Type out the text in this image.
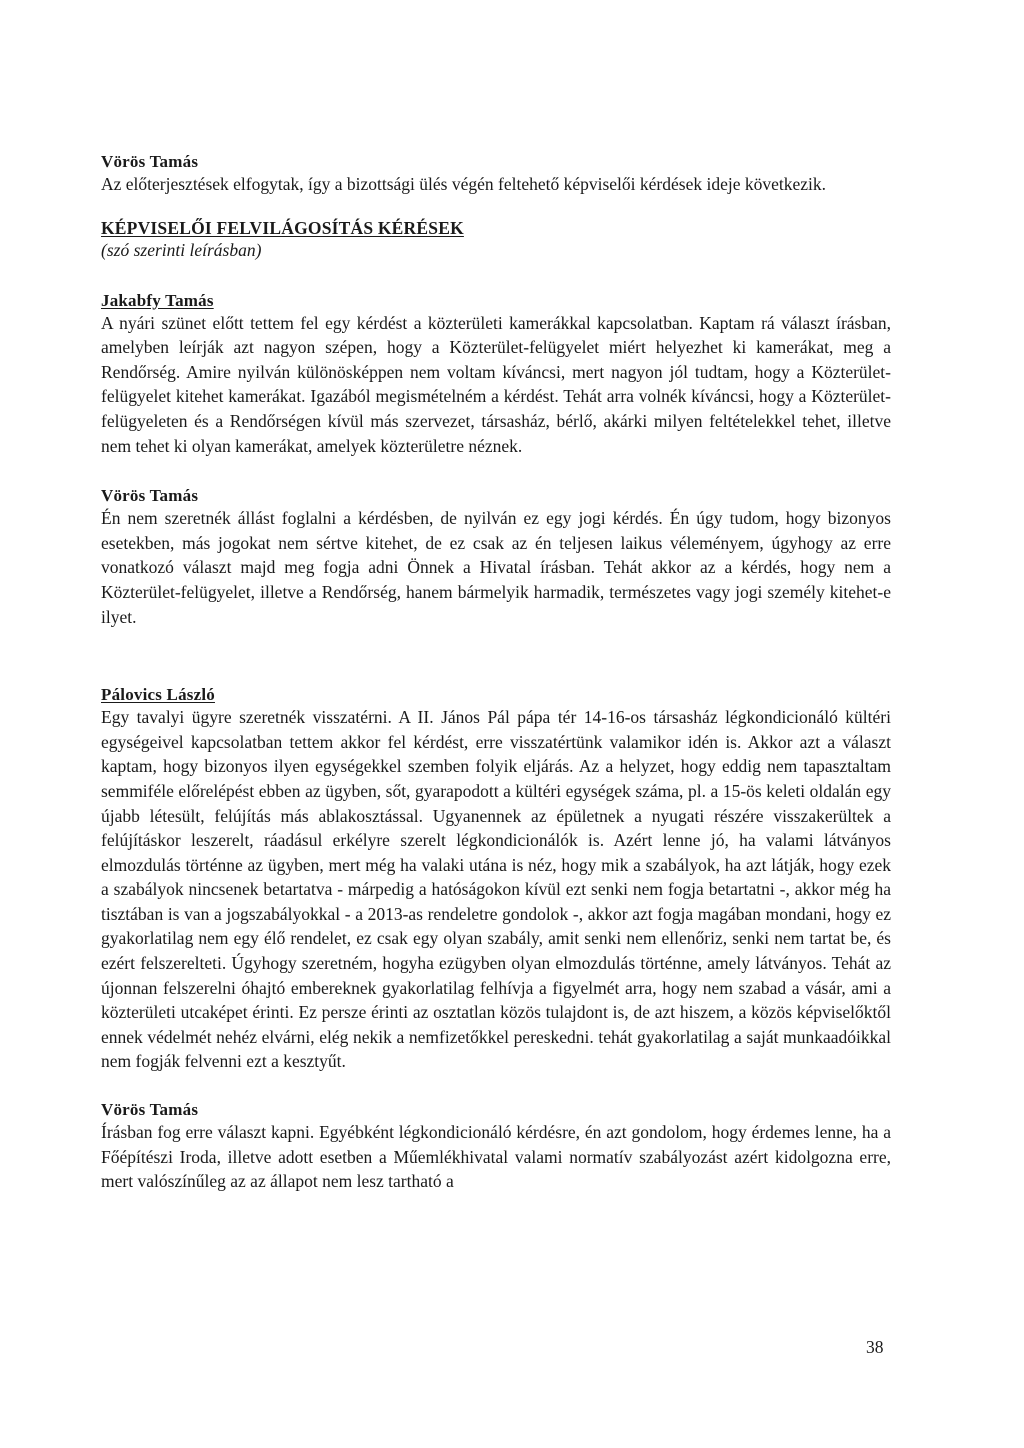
Vörös Tamás

Az előterjesztések elfogytak, így a bizottsági ülés végén feltehető képviselői kérdések ideje következik.

KÉPVISELŐI FELVILÁGOSÍTÁS KÉRÉSEK
(szó szerinti leírásban)
Jakabfy Tamás

A nyári szünet előtt tettem fel egy kérdést a közterületi kamerákkal kapcsolatban. Kaptam rá választ írásban, amelyben leírják azt nagyon szépen, hogy a Közterület-felügyelet miért helyezhet ki kamerákat, meg a Rendőrség. Amire nyilván különösképpen nem voltam kíváncsi, mert nagyon jól tudtam, hogy a Közterület-felügyelet kitehet kamerákat. Igazából megismételném a kérdést. Tehát arra volnék kíváncsi, hogy a Közterület-felügyeleten és a Rendőrségen kívül más szervezet, társasház, bérlő, akárki milyen feltételekkel tehet, illetve nem tehet ki olyan kamerákat, amelyek közterületre néznek.

Vörös Tamás

Én nem szeretnék állást foglalni a kérdésben, de nyilván ez egy jogi kérdés. Én úgy tudom, hogy bizonyos esetekben, más jogokat nem sértve kitehet, de ez csak az én teljesen laikus véleményem, úgyhogy az erre vonatkozó választ majd meg fogja adni Önnek a Hivatal írásban. Tehát akkor az a kérdés, hogy nem a Közterület-felügyelet, illetve a Rendőrség, hanem bármelyik harmadik, természetes vagy jogi személy kitehet-e ilyet.

Pálovics László

Egy tavalyi ügyre szeretnék visszatérni. A II. János Pál pápa tér 14-16-os társasház légkondicionáló kültéri egységeivel kapcsolatban tettem akkor fel kérdést, erre visszatértünk valamikor idén is. Akkor azt a választ kaptam, hogy bizonyos ilyen egységekkel szemben folyik eljárás. Az a helyzet, hogy eddig nem tapasztaltam semmiféle előrelépést ebben az ügyben, sőt, gyarapodott a kültéri egységek száma, pl. a 15-ös keleti oldalán egy újabb létesült, felújítás más ablakosztással. Ugyanennek az épületnek a nyugati részére visszakerültek a felújításkor leszerelt, ráadásul erkélyre szerelt légkondicionálók is. Azért lenne jó, ha valami látványos elmozdulás történne az ügyben, mert még ha valaki utána is néz, hogy mik a szabályok, ha azt látják, hogy ezek a szabályok nincsenek betartatva - márpedig a hatóságokon kívül ezt senki nem fogja betartatni -, akkor még ha tisztában is van a jogszabályokkal - a 2013-as rendeletre gondolok -, akkor azt fogja magában mondani, hogy ez gyakorlatilag nem egy élő rendelet, ez csak egy olyan szabály, amit senki nem ellenőriz, senki nem tartat be, és ezért felszerelteti. Úgyhogy szeretném, hogyha ezügyben olyan elmozdulás történne, amely látványos. Tehát az újonnan felszerelni óhajtó embereknek gyakorlatilag felhívja a figyelmét arra, hogy nem szabad a vásár, ami a közterületi utcaképet érinti. Ez persze érinti az osztatlan közös tulajdont is, de azt hiszem, a közös képviselőktől ennek védelmét nehéz elvárni, elég nekik a nemfizetőkkel pereskedni. tehát gyakorlatilag a saját munkaadóikkal nem fogják felvenni ezt a kesztyűt.

Vörös Tamás

Írásban fog erre választ kapni. Egyébként légkondicionáló kérdésre, én azt gondolom, hogy érdemes lenne, ha a Főépítészi Iroda, illetve adott esetben a Műemlékhivatal valami normatív szabályozást azért kidolgozna erre, mert valószínűleg az az állapot nem lesz tartható a

38
